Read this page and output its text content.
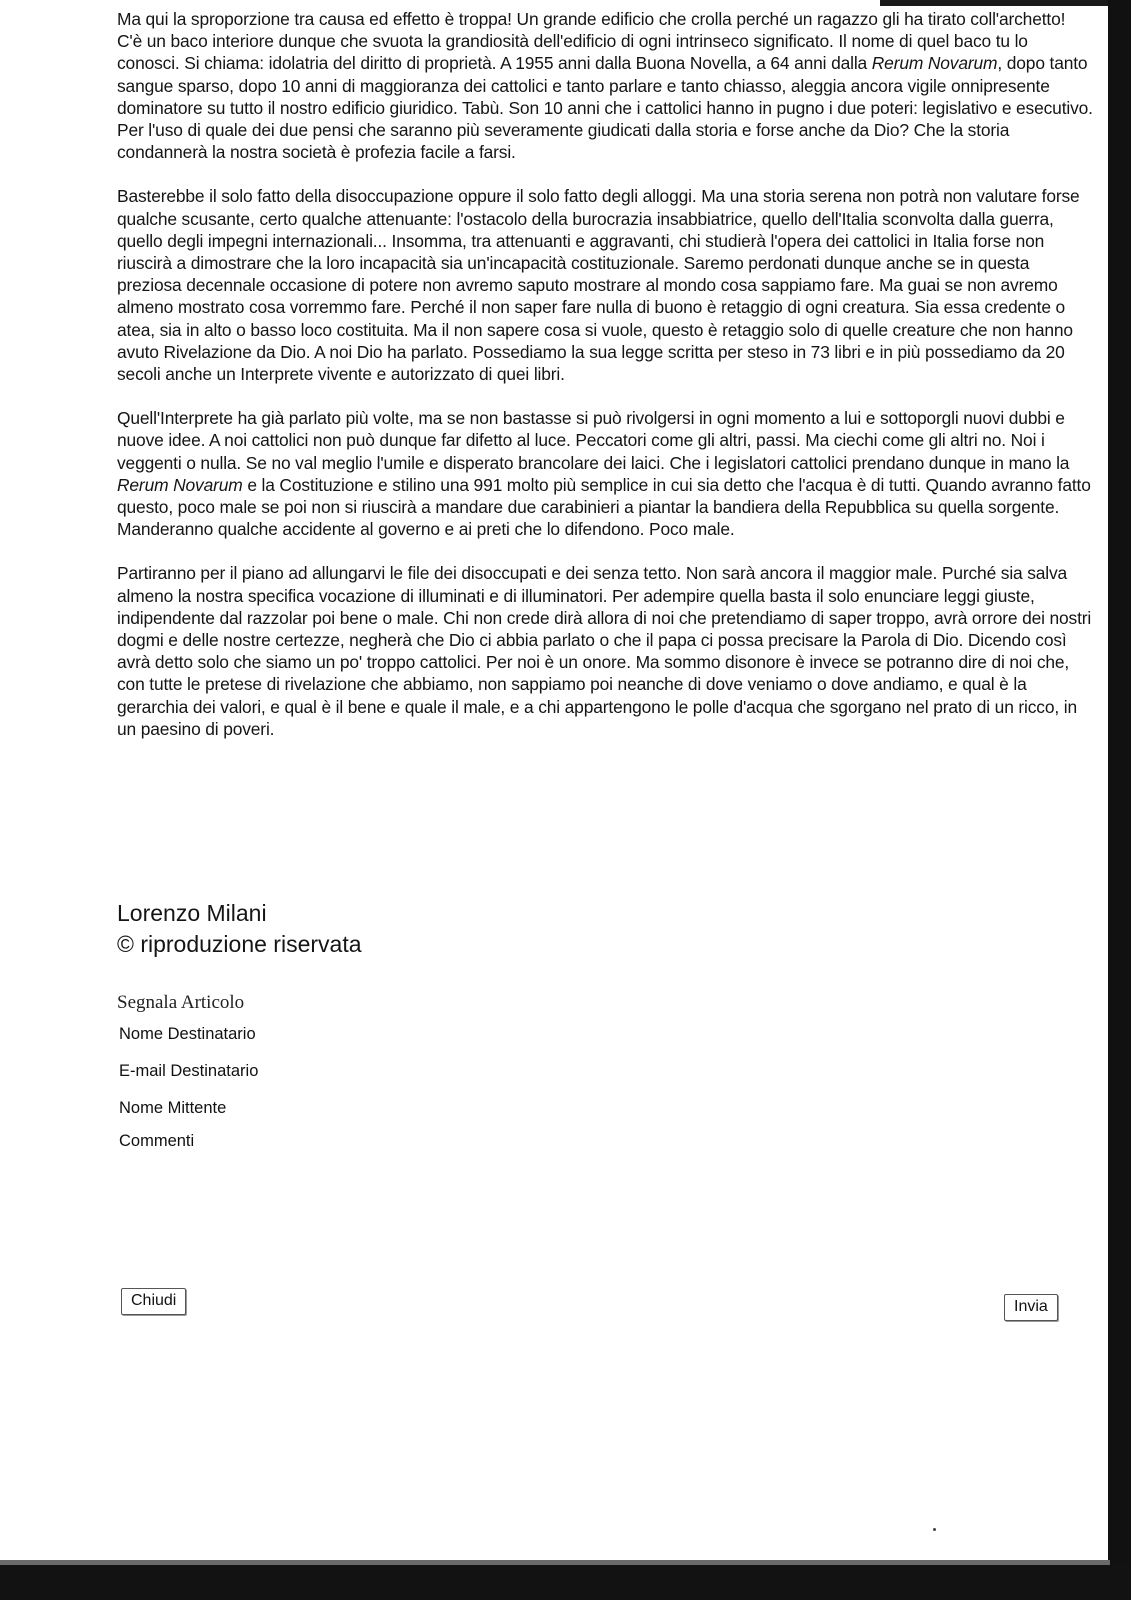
Ma qui la sproporzione tra causa ed effetto è troppa! Un grande edificio che crolla perché un ragazzo gli ha tirato coll'archetto! C'è un baco interiore dunque che svuota la grandiosità dell'edificio di ogni intrinseco significato. Il nome di quel baco tu lo conosci. Si chiama: idolatria del diritto di proprietà. A 1955 anni dalla Buona Novella, a 64 anni dalla Rerum Novarum, dopo tanto sangue sparso, dopo 10 anni di maggioranza dei cattolici e tanto parlare e tanto chiasso, aleggia ancora vigile onnipresente dominatore su tutto il nostro edificio giuridico. Tabù. Son 10 anni che i cattolici hanno in pugno i due poteri: legislativo e esecutivo. Per l'uso di quale dei due pensi che saranno più severamente giudicati dalla storia e forse anche da Dio? Che la storia condannerà la nostra società è profezia facile a farsi.

Basterebbe il solo fatto della disoccupazione oppure il solo fatto degli alloggi. Ma una storia serena non potrà non valutare forse qualche scusante, certo qualche attenuante: l'ostacolo della burocrazia insabbiatrice, quello dell'Italia sconvolta dalla guerra, quello degli impegni internazionali... Insomma, tra attenuanti e aggravanti, chi studierà l'opera dei cattolici in Italia forse non riuscirà a dimostrare che la loro incapacità sia un'incapacità costituzionale. Saremo perdonati dunque anche se in questa preziosa decennale occasione di potere non avremo saputo mostrare al mondo cosa sappiamo fare. Ma guai se non avremo almeno mostrato cosa vorremmo fare. Perché il non saper fare nulla di buono è retaggio di ogni creatura. Sia essa credente o atea, sia in alto o basso loco costituita. Ma il non sapere cosa si vuole, questo è retaggio solo di quelle creature che non hanno avuto Rivelazione da Dio. A noi Dio ha parlato. Possediamo la sua legge scritta per steso in 73 libri e in più possediamo da 20 secoli anche un Interprete vivente e autorizzato di quei libri.

Quell'Interprete ha già parlato più volte, ma se non bastasse si può rivolgersi in ogni momento a lui e sottoporgli nuovi dubbi e nuove idee. A noi cattolici non può dunque far difetto al luce. Peccatori come gli altri, passi. Ma ciechi come gli altri no. Noi i veggenti o nulla. Se no val meglio l'umile e disperato brancolare dei laici. Che i legislatori cattolici prendano dunque in mano la Rerum Novarum e la Costituzione e stilino una 991 molto più semplice in cui sia detto che l'acqua è di tutti. Quando avranno fatto questo, poco male se poi non si riuscirà a mandare due carabinieri a piantar la bandiera della Repubblica su quella sorgente. Manderanno qualche accidente al governo e ai preti che lo difendono. Poco male.

Partiranno per il piano ad allungarvi le file dei disoccupati e dei senza tetto. Non sarà ancora il maggior male. Purché sia salva almeno la nostra specifica vocazione di illuminati e di illuminatori. Per adempire quella basta il solo enunciare leggi giuste, indipendente dal razzolar poi bene o male. Chi non crede dirà allora di noi che pretendiamo di saper troppo, avrà orrore dei nostri dogmi e delle nostre certezze, negherà che Dio ci abbia parlato o che il papa ci possa precisare la Parola di Dio. Dicendo così avrà detto solo che siamo un po' troppo cattolici. Per noi è un onore. Ma sommo disonore è invece se potranno dire di noi che, con tutte le pretese di rivelazione che abbiamo, non sappiamo poi neanche di dove veniamo o dove andiamo, e qual è la gerarchia dei valori, e qual è il bene e quale il male, e a chi appartengono le polle d'acqua che sgorgano nel prato di un ricco, in un paesino di poveri.

Lorenzo Milani
© riproduzione riservata
Segnala Articolo
Nome Destinatario
E-mail Destinatario
Nome Mittente
Commenti
Chiudi	Invia
